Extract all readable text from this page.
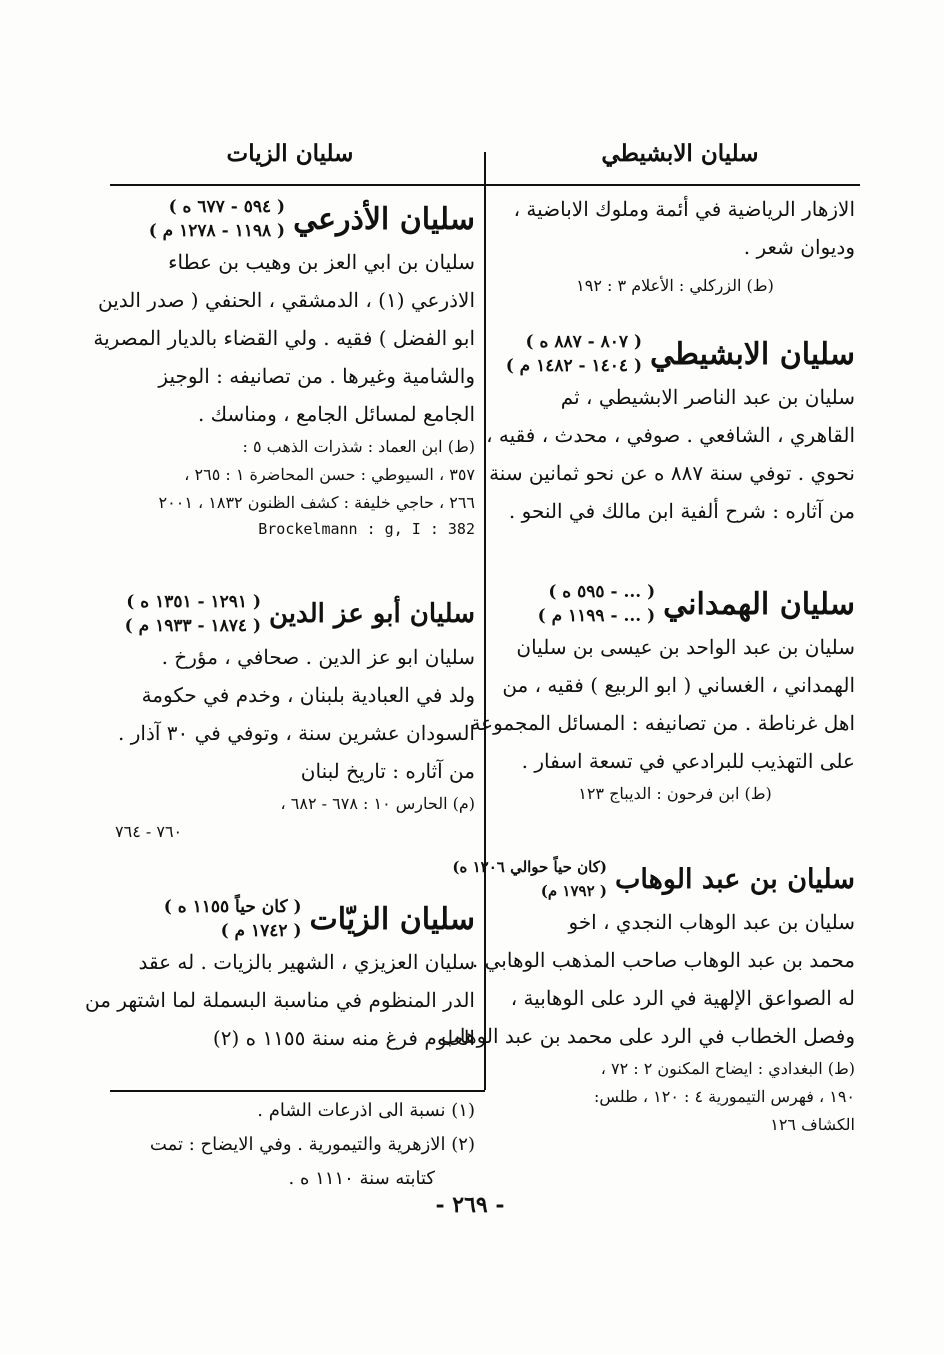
سليان الابشيطي
سليان الزيات
الازهار الرياضية في أئمة وملوك الاباضية ،
وديوان شعر .
(ط) الزركلي : الأعلام ٣ : ١٩٢
سليان الابشيطي
( ٨٠٧ - ٨٨٧ ه )
( ١٤٠٤ - ١٤٨٢ م )
سليان بن عبد الناصر الابشيطي ، ثم
القاهري ، الشافعي . صوفي ، محدث ، فقيه ،
نحوي . توفي سنة ٨٨٧ ه عن نحو ثمانين سنة
من آثاره : شرح ألفية ابن مالك في النحو .
سليان الهمداني
( ... - ٥٩٥ ه )
( ... - ١١٩٩ م )
سليان بن عبد الواحد بن عيسى بن سليان
الهمداني ، الغساني ( ابو الربيع ) فقيه ، من
اهل غرناطة . من تصانيفه : المسائل المجموعة
على التهذيب للبرادعي في تسعة اسفار .
(ط) ابن فرحون : الديباج ١٢٣
سليان بن عبد الوهاب
(كان حياً حوالي ١٢٠٦ ه)
( ١٧٩٢ م)
سليان بن عبد الوهاب النجدي ، اخو
محمد بن عبد الوهاب صاحب المذهب الوهابي .
له الصواعق الإلهية في الرد على الوهابية ،
وفصل الخطاب في الرد على محمد بن عبد الوهاب
(ط) البغدادي : ايضاح المكنون ٢ : ٧٢ ،
١٩٠ ، فهرس التيمورية ٤ : ١٢٠ ، طلس:
الكشاف ١٢٦
سليان الأذرعي
( ٥٩٤ - ٦٧٧ ه )
( ١١٩٨ - ١٢٧٨ م )
سليان بن ابي العز بن وهيب بن عطاء
الاذرعي (١) ، الدمشقي ، الحنفي ( صدر الدين
ابو الفضل ) فقيه . ولي القضاء بالديار المصرية
والشامية وغيرها . من تصانيفه : الوجيز
الجامع لمسائل الجامع ، ومناسك .
(ط) ابن العماد : شذرات الذهب ٥ :
٣٥٧ ، السيوطي : حسن المحاضرة ١ : ٢٦٥ ،
٢٦٦ ، حاجي خليفة : كشف الظنون ١٨٣٢ ، ٢٠٠١
Brockelmann : g, I : 382
سليان أبو عز الدين
( ١٢٩١ - ١٣٥١ ه )
( ١٨٧٤ - ١٩٣٣ م )
سليان ابو عز الدين . صحافي ، مؤرخ .
ولد في العبادية بلبنان ، وخدم في حكومة
السودان عشرين سنة ، وتوفي في ٣٠ آذار .
من آثاره : تاريخ لبنان
(م) الحارس ١٠ : ٦٧٨ - ٦٨٢ ،
٧٦٠ - ٧٦٤
سليان الزيّات
( كان حياً ١١٥٥ ه )
( ١٧٤٢ م )
سليان العزيزي ، الشهير بالزيات . له عقد
الدر المنظوم في مناسبة البسملة لما اشتهر من
العلوم فرغ منه سنة ١١٥٥ ه (٢)
(١) نسبة الى اذرعات الشام .
(٢) الازهرية والتيمورية . وفي الايضاح : تمت
كتابته سنة ١١١٠ ه .
- ٢٦٩ -
